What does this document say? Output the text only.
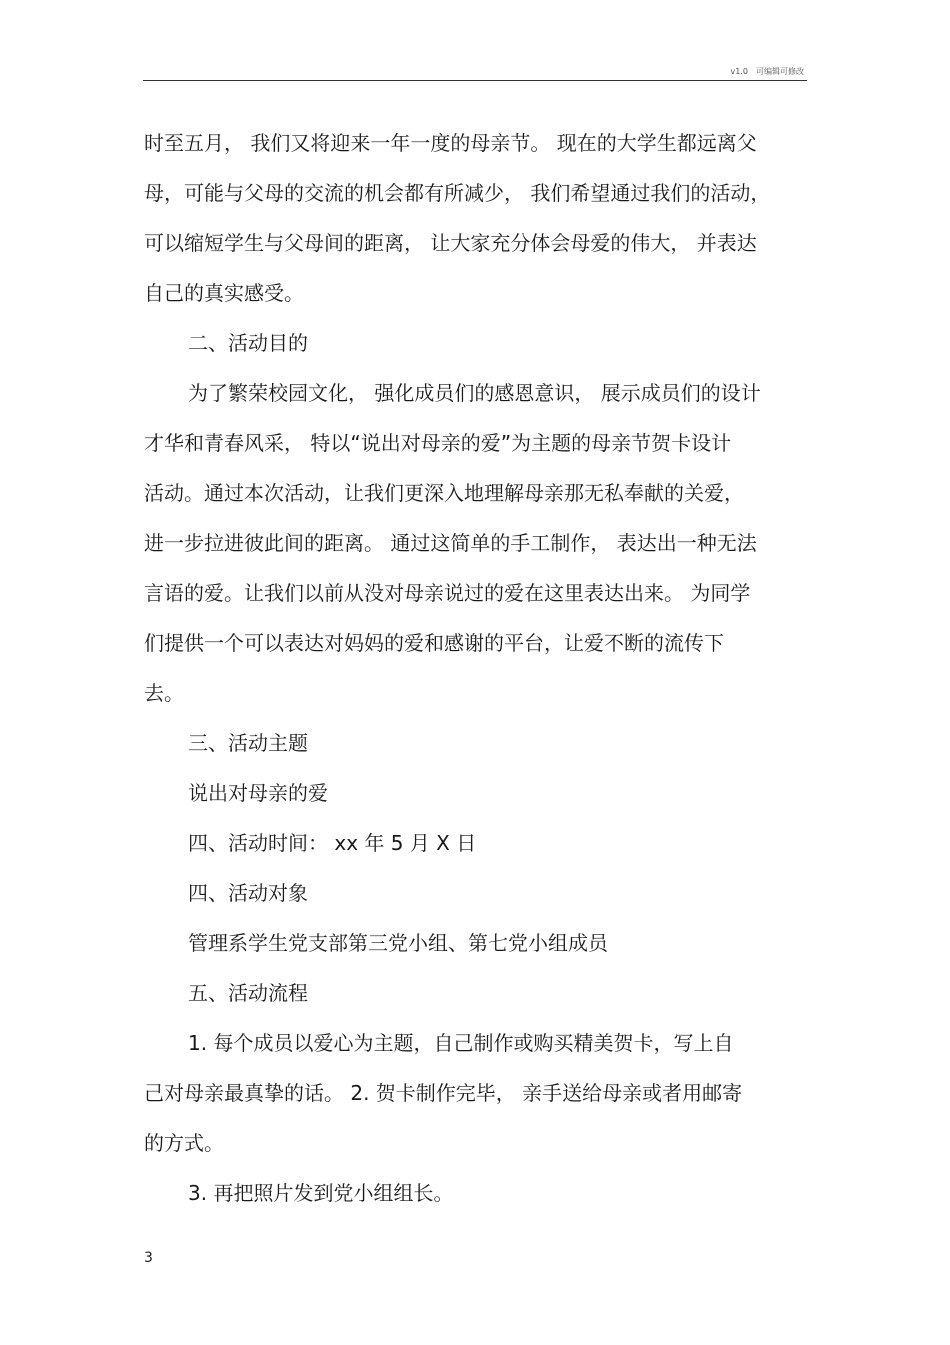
v1.0　可编辑可修改
时至五月， 我们又将迎来一年一度的母亲节。 现在的大学生都远离父
母，可能与父母的交流的机会都有所减少， 我们希望通过我们的活动，
可以缩短学生与父母间的距离， 让大家充分体会母爱的伟大， 并表达
自己的真实感受。
二、活动目的
为了繁荣校园文化， 强化成员们的感恩意识， 展示成员们的设计
才华和青春风采， 特以“说出对母亲的爱”为主题的母亲节贺卡设计
活动。通过本次活动，让我们更深入地理解母亲那无私奉献的关爱，
进一步拉进彼此间的距离。 通过这简单的手工制作， 表达出一种无法
言语的爱。让我们以前从没对母亲说过的爱在这里表达出来。 为同学
们提供一个可以表达对妈妈的爱和感谢的平台，让爱不断的流传下
去。
三、活动主题
说出对母亲的爱
四、活动时间： xx 年 5 月 X 日
四、活动对象
管理系学生党支部第三党小组、第七党小组成员
五、活动流程
1. 每个成员以爱心为主题，自己制作或购买精美贺卡，写上自
己对母亲最真挚的话。 2. 贺卡制作完毕， 亲手送给母亲或者用邮寄
的方式。
3. 再把照片发到党小组组长。
3
